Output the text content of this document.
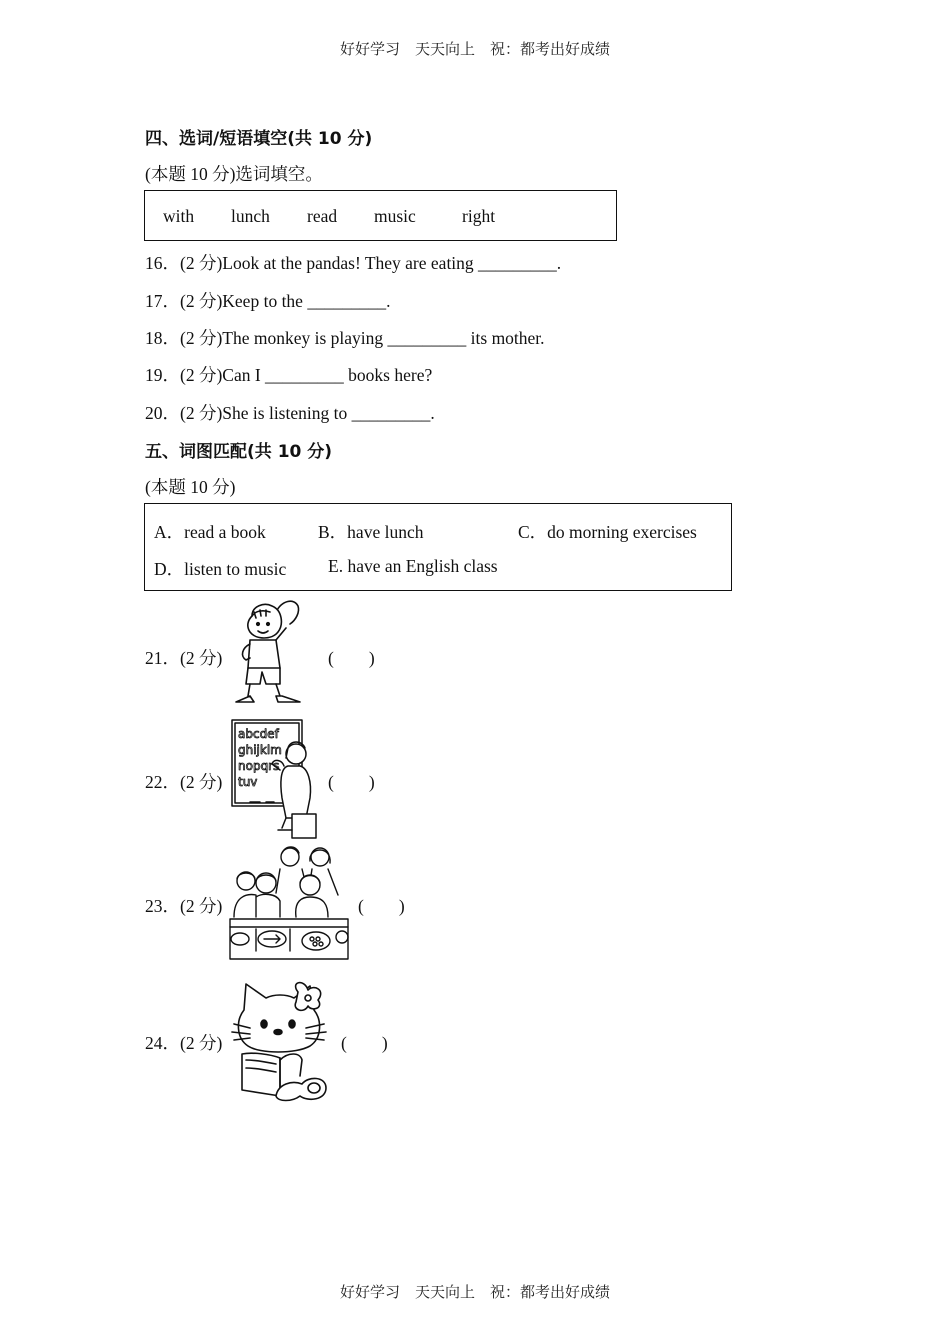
好好学习　天天向上　祝：都考出好成绩
四、选词/短语填空(共 10 分)
(本题 10 分)选词填空。
with lunch read music	right
16．(2 分)Look at the pandas! They are eating _________.
17．(2 分)Keep to the _________.
18．(2 分)The monkey is playing _________ its mother.
19．(2 分)Can I _________ books here?
20．(2 分)She is listening to _________.
五、词图匹配(共 10 分)
(本题 10 分)
A．read a book	B．have lunch	C．do morning exercises
D．listen to music E. have an English class
21．(2 分)	(　　)
22．(2 分)	(　　)
abcdef
ghijklm
nopqrs
tuv
23．(2 分)	(　　)
24．(2 分)	(　　)
好好学习　天天向上　祝：都考出好成绩
